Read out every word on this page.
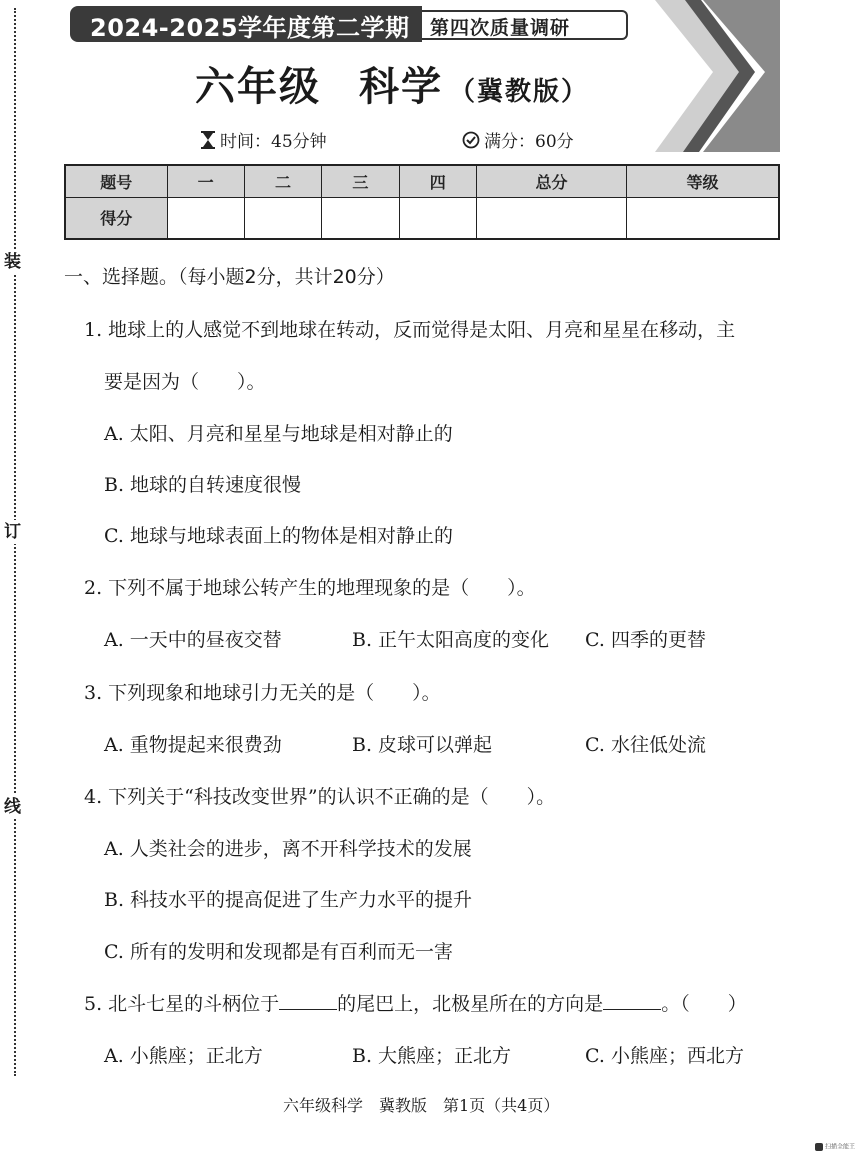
装
订
线
2024-2025学年度第二学期 第四次质量调研
六年级 科学 （冀教版）
时间：45分钟	满分：60分
题号	一	二	三	四	总分	等级
得分						
一、选择题。（每小题2分，共计20分）
1. 地球上的人感觉不到地球在转动，反而觉得是太阳、月亮和星星在移动，主
要是因为（　　）。
A. 太阳、月亮和星星与地球是相对静止的
B. 地球的自转速度很慢
C. 地球与地球表面上的物体是相对静止的
2. 下列不属于地球公转产生的地理现象的是（　　）。
A. 一天中的昼夜交替	B. 正午太阳高度的变化 C. 四季的更替
3. 下列现象和地球引力无关的是（　　）。
A. 重物提起来很费劲	B. 皮球可以弹起	C. 水往低处流
4. 下列关于“科技改变世界”的认识不正确的是（　　）。
A. 人类社会的进步，离不开科学技术的发展
B. 科技水平的提高促进了生产力水平的提升
C. 所有的发明和发现都是有百利而无一害
5. 北斗七星的斗柄位于	的尾巴上，北极星所在的方向是	。（　　）
A. 小熊座；正北方	B. 大熊座；正北方	C. 小熊座；西北方
六年级科学　冀教版　第1页（共4页）
扫描全能王
